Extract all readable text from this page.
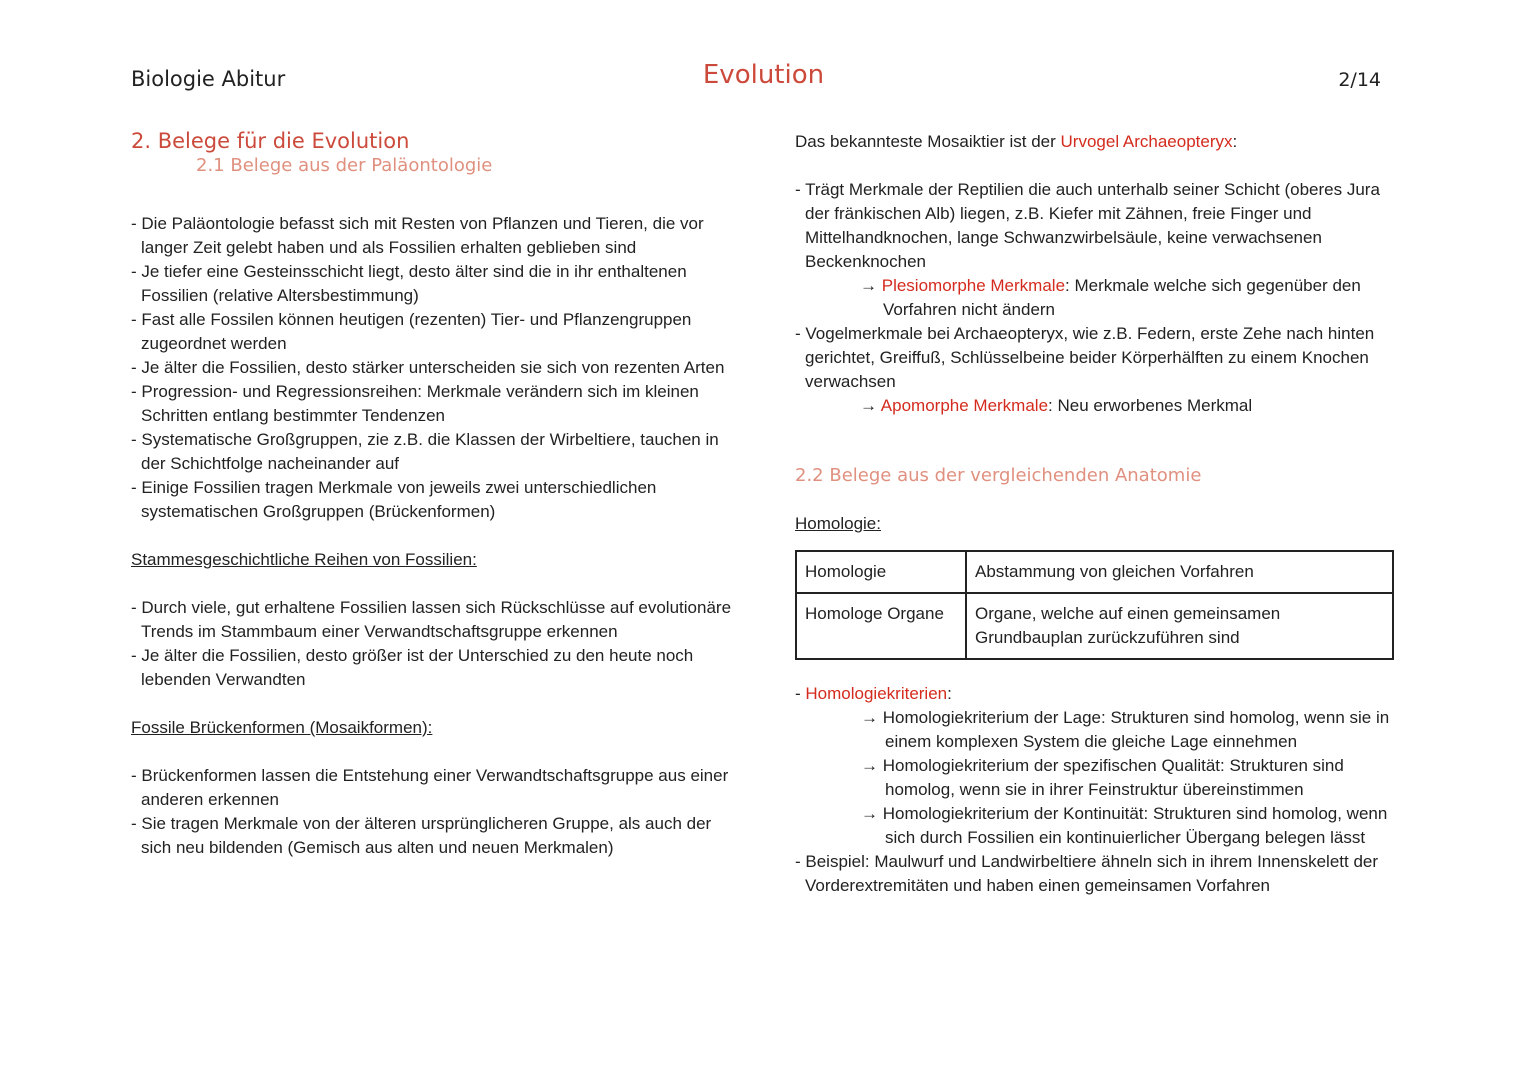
Biologie Abitur	Evolution	2/14

2. Belege für die Evolution

2.1 Belege aus der Paläontologie

- Die Paläontologie befasst sich mit Resten von Pflanzen und Tieren, die vor langer Zeit gelebt haben und als Fossilien erhalten geblieben sind
- Je tiefer eine Gesteinsschicht liegt, desto älter sind die in ihr enthaltenen Fossilien (relative Altersbestimmung)
- Fast alle Fossilen können heutigen (rezenten) Tier- und Pflanzengruppen zugeordnet werden
- Je älter die Fossilien, desto stärker unterscheiden sie sich von rezenten Arten
- Progression- und Regressionsreihen: Merkmale verändern sich im kleinen Schritten entlang bestimmter Tendenzen
- Systematische Großgruppen, zie z.B. die Klassen der Wirbeltiere, tauchen in der Schichtfolge nacheinander auf
- Einige Fossilien tragen Merkmale von jeweils zwei unterschiedlichen systematischen Großgruppen (Brückenformen)

Stammesgeschichtliche Reihen von Fossilien:

- Durch viele, gut erhaltene Fossilien lassen sich Rückschlüsse auf evolutionäre Trends im Stammbaum einer Verwandtschaftsgruppe erkennen
- Je älter die Fossilien, desto größer ist der Unterschied zu den heute noch lebenden Verwandten

Fossile Brückenformen (Mosaikformen):

- Brückenformen lassen die Entstehung einer Verwandtschaftsgruppe aus einer anderen erkennen
- Sie tragen Merkmale von der älteren ursprünglicheren Gruppe, als auch der sich neu bildenden (Gemisch aus alten und neuen Merkmalen)

Das bekannteste Mosaiktier ist der Urvogel Archaeopteryx:

- Trägt Merkmale der Reptilien die auch unterhalb seiner Schicht (oberes Jura der fränkischen Alb) liegen, z.B. Kiefer mit Zähnen, freie Finger und Mittelhandknochen, lange Schwanzwirbelsäule, keine verwachsenen Beckenknochen
→ Plesiomorphe Merkmale: Merkmale welche sich gegenüber den Vorfahren nicht ändern
- Vogelmerkmale bei Archaeopteryx, wie z.B. Federn, erste Zehe nach hinten gerichtet, Greiffuß, Schlüsselbeine beider Körperhälften zu einem Knochen verwachsen
→ Apomorphe Merkmale: Neu erworbenes Merkmal

2.2 Belege aus der vergleichenden Anatomie

Homologie:

Homologie	Abstammung von gleichen Vorfahren
Homologe Organe	Organe, welche auf einen gemeinsamen Grundbauplan zurückzuführen sind

- Homologiekriterien:

→ Homologiekriterium der Lage: Strukturen sind homolog, wenn sie in einem komplexen System die gleiche Lage einnehmen
→ Homologiekriterium der spezifischen Qualität: Strukturen sind homolog, wenn sie in ihrer Feinstruktur übereinstimmen
→ Homologiekriterium der Kontinuität: Strukturen sind homolog, wenn sich durch Fossilien ein kontinuierlicher Übergang belegen lässt
- Beispiel: Maulwurf und Landwirbeltiere ähneln sich in ihrem Innenskelett der Vorderextremitäten und haben einen gemeinsamen Vorfahren
